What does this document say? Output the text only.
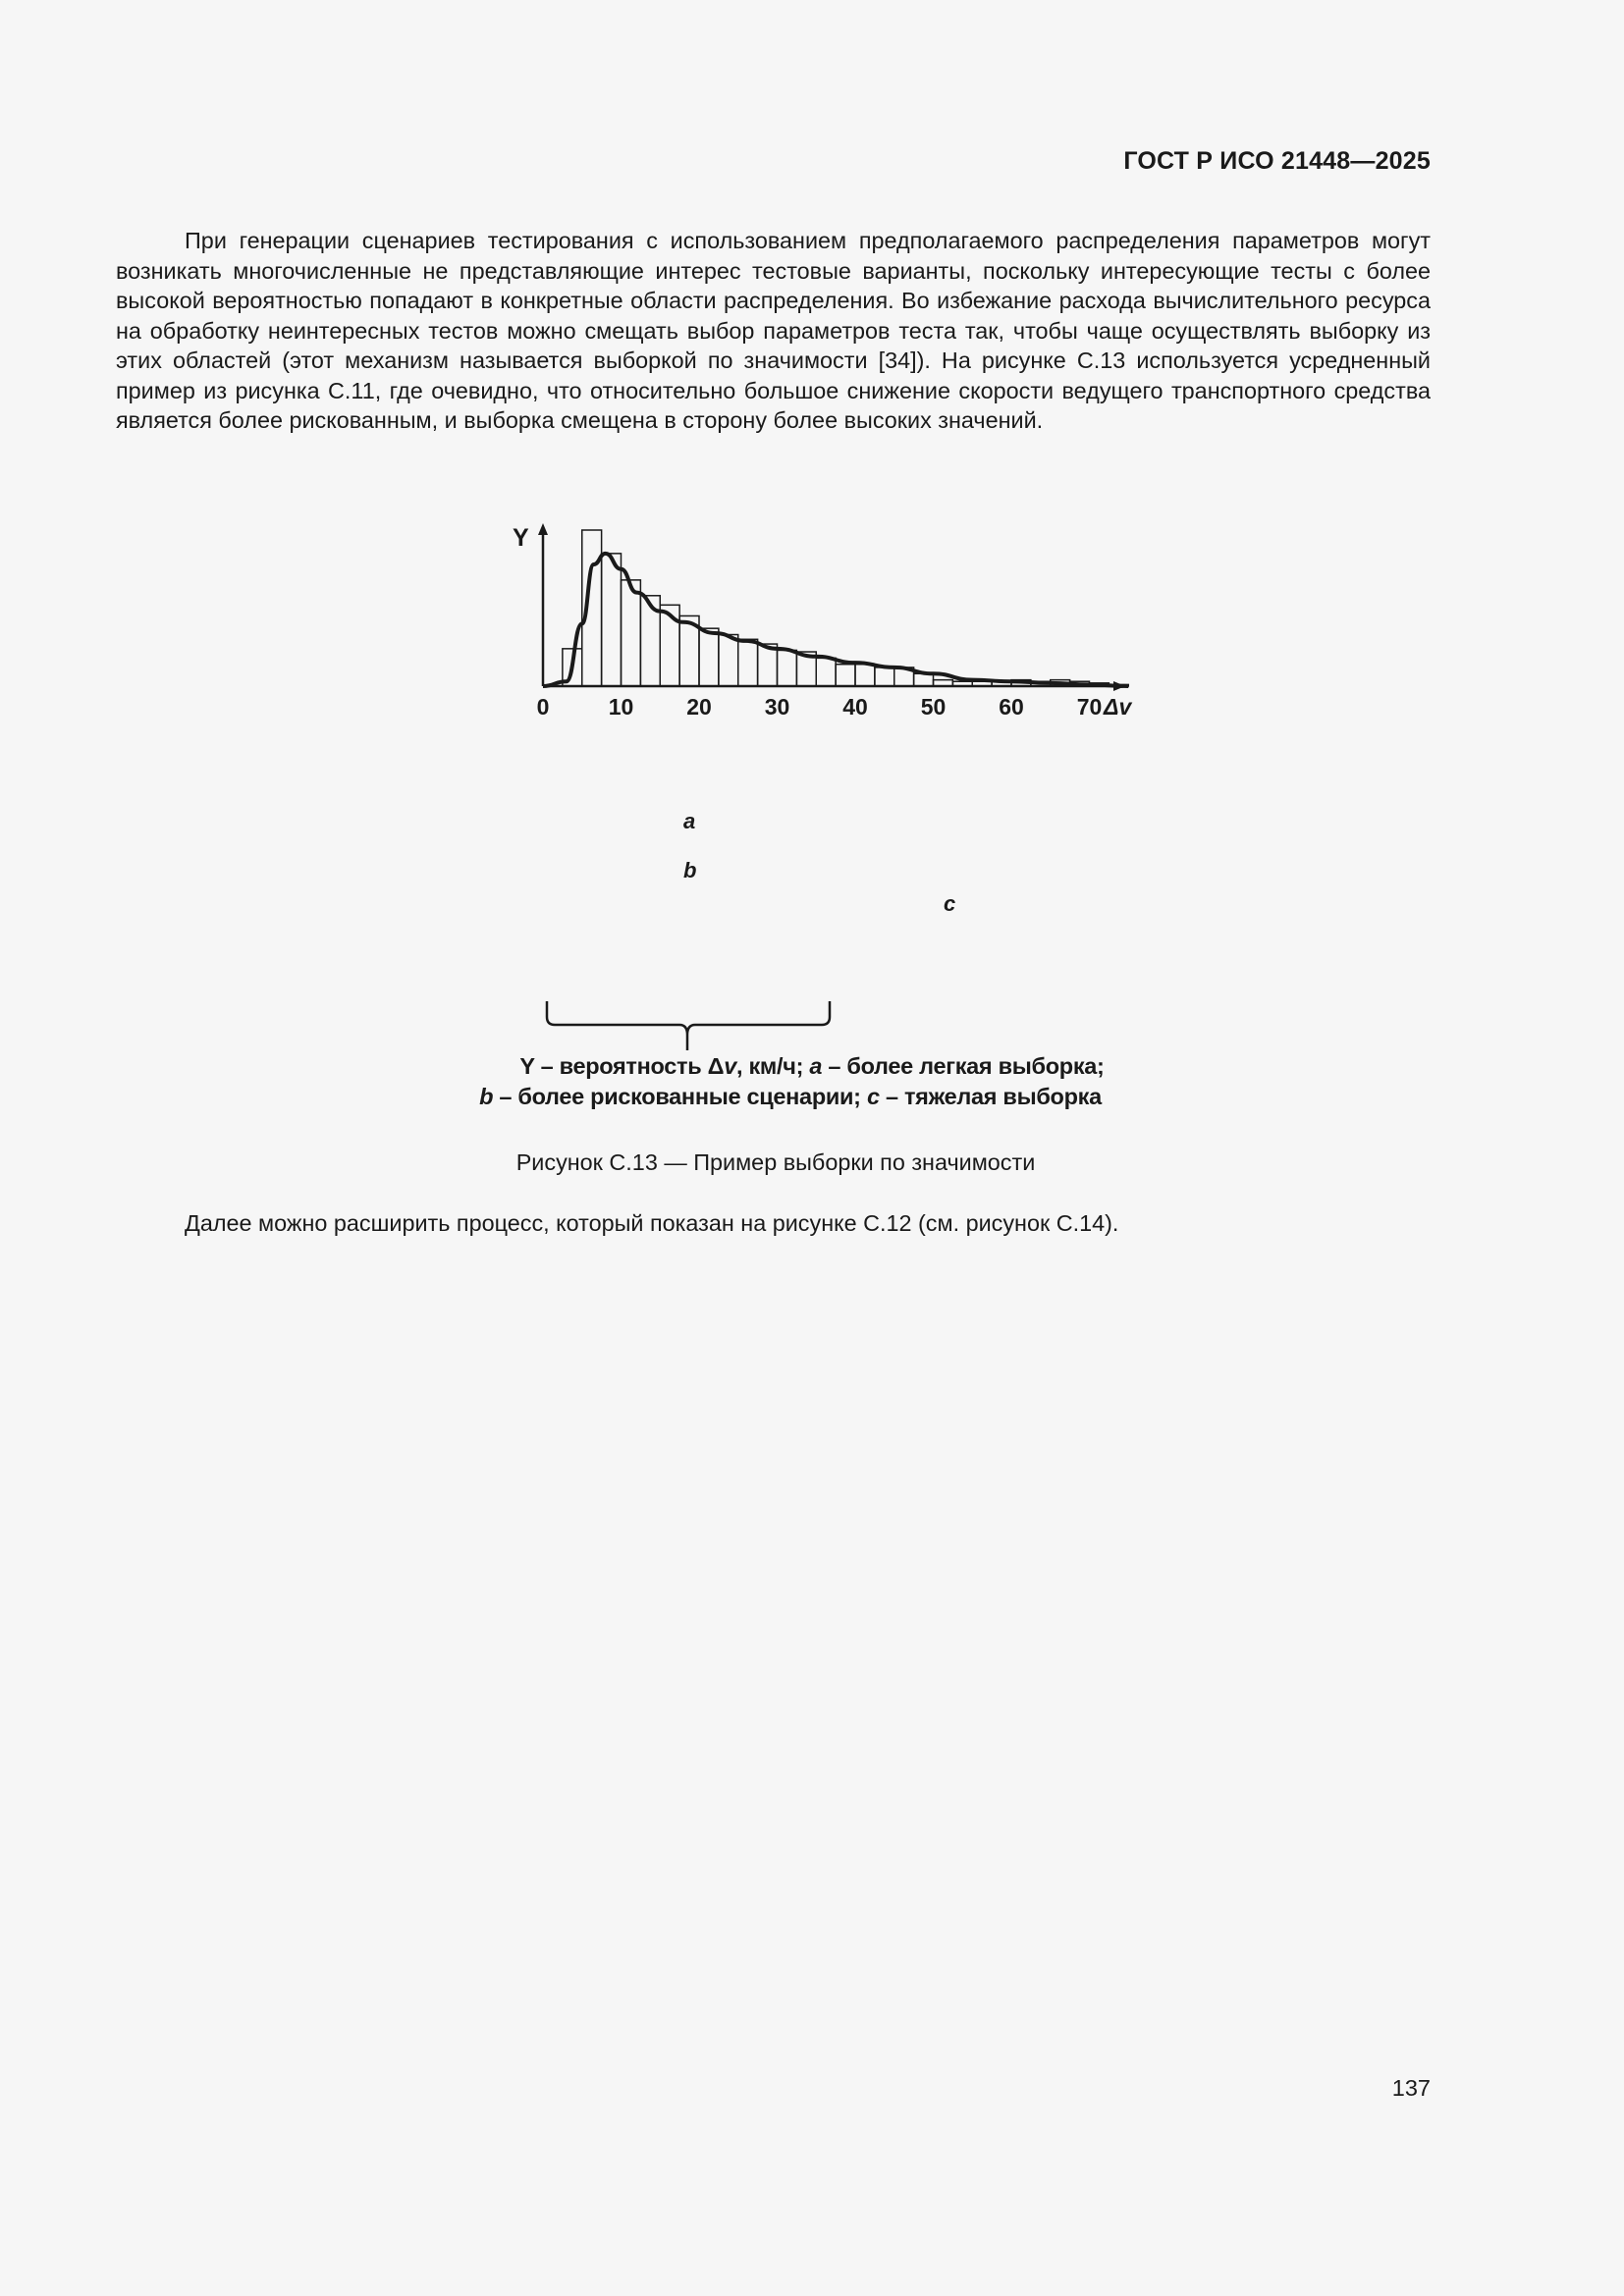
ГОСТ Р ИСО 21448—2025

При генерации сценариев тестирования с использованием предполагаемого распределения параметров могут возникать многочисленные не представляющие интерес тестовые варианты, поскольку интересующие тесты с более высокой вероятностью попадают в конкретные области распределения. Во избежание расхода вычислительного ресурса на обработку неинтересных тестов можно смещать выбор параметров теста так, чтобы чаще осуществлять выборку из этих областей (этот механизм называется выборкой по значимости [34]). На рисунке С.13 используется усредненный пример из рисунка С.11, где очевидно, что относительно большое снижение скорости ведущего транспортного средства является более рискованным, и выборка смещена в сторону более высоких значений.

Y
Δv
0	10 20 30 40 50 60 70
a
b
c
Y – вероятность Δv, км/ч; a – более легкая выборка;
b – более рискованные сценарии; c – тяжелая выборка
Рисунок С.13 — Пример выборки по значимости
Далее можно расширить процесс, который показан на рисунке С.12 (см. рисунок С.14).
137
